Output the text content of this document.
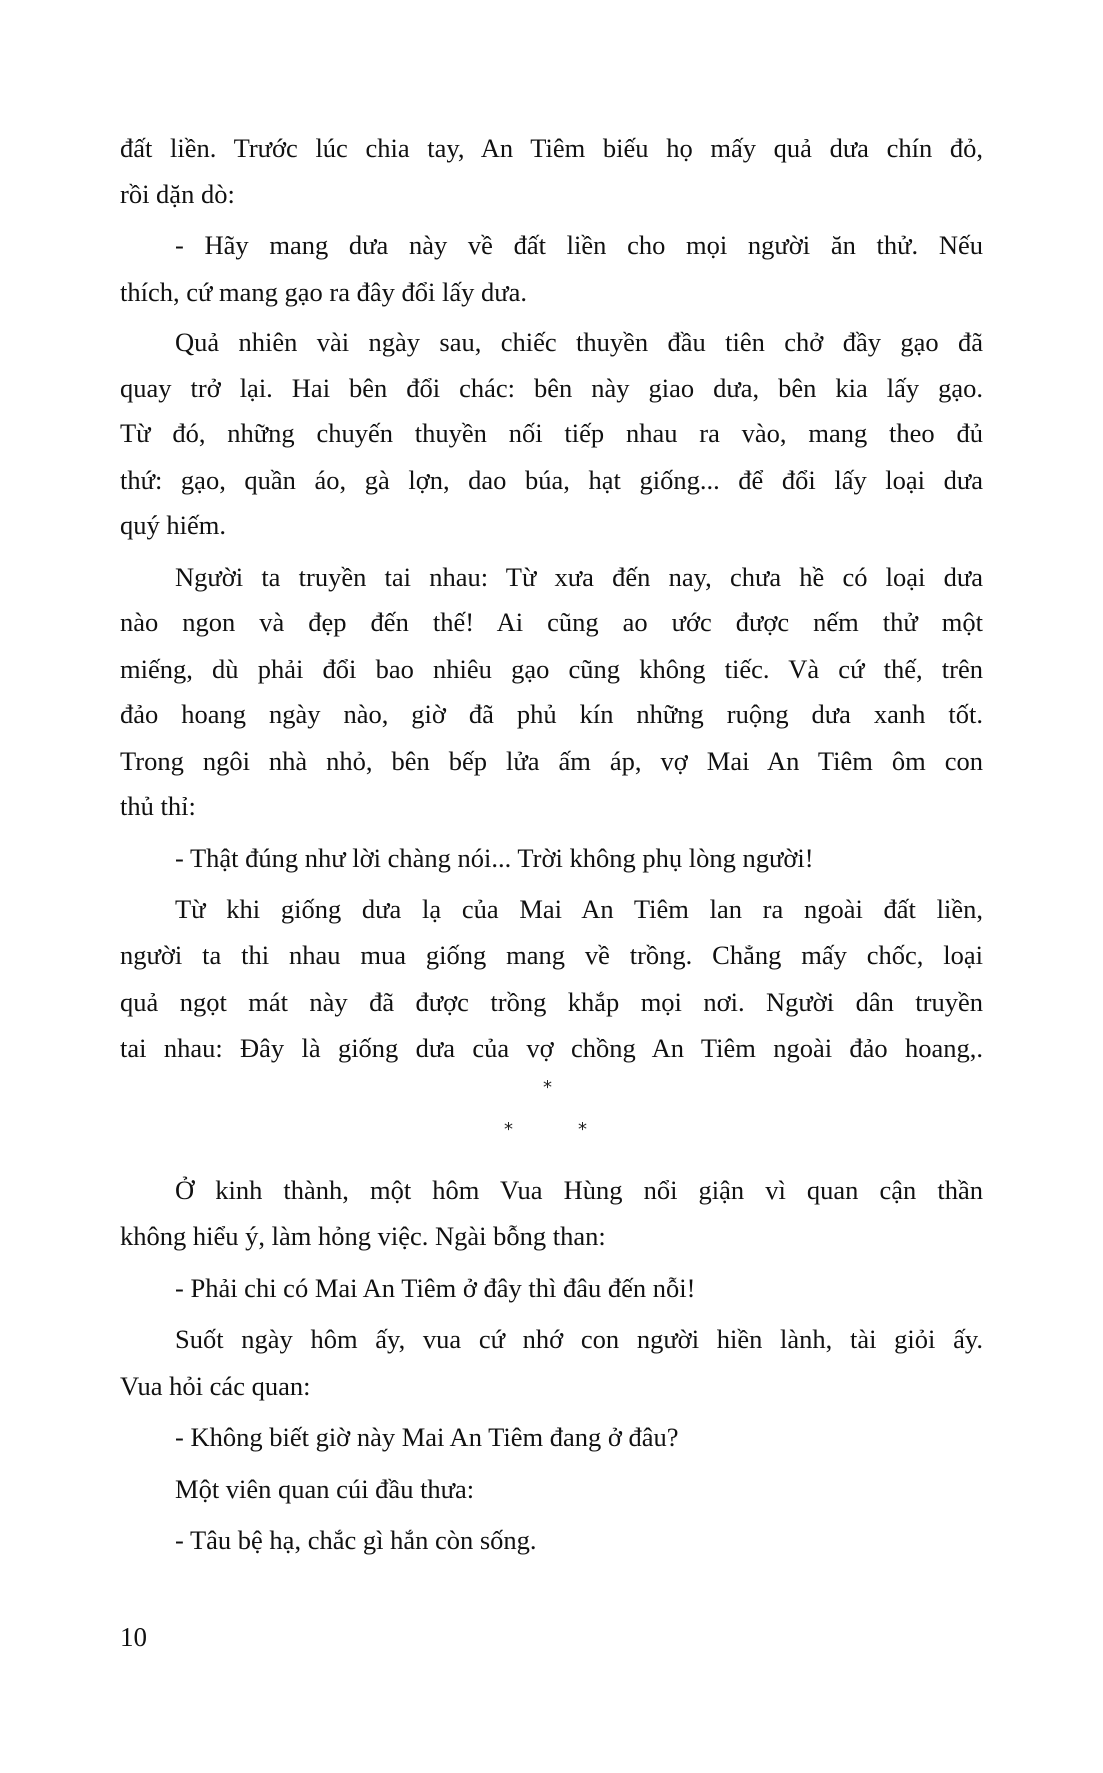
đất liền. Trước lúc chia tay, An Tiêm biếu họ mấy quả dưa chín đỏ,
rồi dặn dò:
- Hãy mang dưa này về đất liền cho mọi người ăn thử. Nếu
thích, cứ mang gạo ra đây đổi lấy dưa.
Quả nhiên vài ngày sau, chiếc thuyền đầu tiên chở đầy gạo đã
quay trở lại. Hai bên đổi chác: bên này giao dưa, bên kia lấy gạo.
Từ đó, những chuyến thuyền nối tiếp nhau ra vào, mang theo đủ
thứ: gạo, quần áo, gà lợn, dao búa, hạt giống... để đổi lấy loại dưa
quý hiếm.
Người ta truyền tai nhau: Từ xưa đến nay, chưa hề có loại dưa
nào ngon và đẹp đến thế! Ai cũng ao ước được nếm thử một
miếng, dù phải đổi bao nhiêu gạo cũng không tiếc. Và cứ thế, trên
đảo hoang ngày nào, giờ đã phủ kín những ruộng dưa xanh tốt.
Trong ngôi nhà nhỏ, bên bếp lửa ấm áp, vợ Mai An Tiêm ôm con
thủ thỉ:
- Thật đúng như lời chàng nói... Trời không phụ lòng người!
Từ khi giống dưa lạ của Mai An Tiêm lan ra ngoài đất liền,
người ta thi nhau mua giống mang về trồng. Chẳng mấy chốc, loại
quả ngọt mát này đã được trồng khắp mọi nơi. Người dân truyền
tai nhau: Đây là giống dưa của vợ chồng An Tiêm ngoài đảo hoang,.
*
*	*
Ở kinh thành, một hôm Vua Hùng nổi giận vì quan cận thần
không hiểu ý, làm hỏng việc. Ngài bỗng than:
- Phải chi có Mai An Tiêm ở đây thì đâu đến nỗi!
Suốt ngày hôm ấy, vua cứ nhớ con người hiền lành, tài giỏi ấy.
Vua hỏi các quan:
- Không biết giờ này Mai An Tiêm đang ở đâu?
Một viên quan cúi đầu thưa:
- Tâu bệ hạ, chắc gì hắn còn sống.
10
